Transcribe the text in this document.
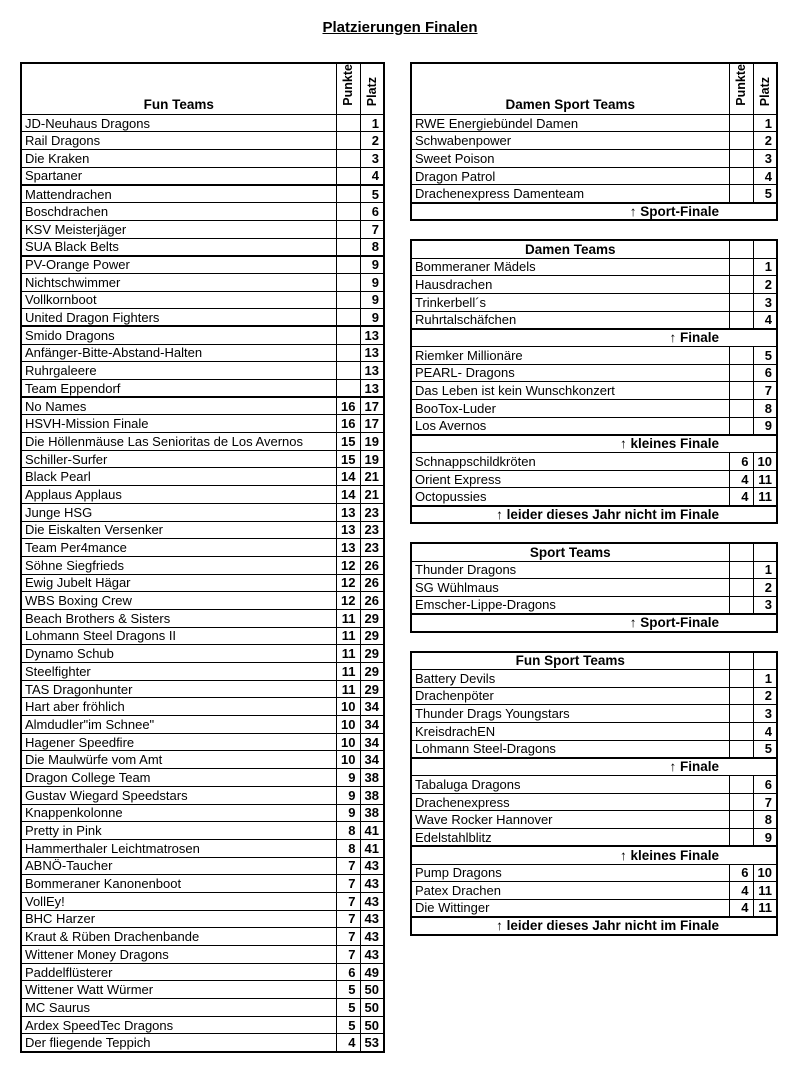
Platzierungen Finalen
Fun Teams	Punkte	Platz
JD-Neuhaus Dragons		1
Rail Dragons		2
Die Kraken		3
Spartaner		4
Mattendrachen		5
Boschdrachen		6
KSV Meisterjäger		7
SUA Black Belts		8
PV-Orange Power		9
Nichtschwimmer		9
Vollkornboot		9
United Dragon Fighters		9
Smido Dragons		13
Anfänger-Bitte-Abstand-Halten		13
Ruhrgaleere		13
Team Eppendorf		13
No Names	16	17
HSVH-Mission Finale	16	17
Die Höllenmäuse Las Senioritas de Los Avernos	15	19
Schiller-Surfer	15	19
Black Pearl	14	21
Applaus Applaus	14	21
Junge HSG	13	23
Die Eiskalten Versenker	13	23
Team Per4mance	13	23
Söhne Siegfrieds	12	26
Ewig Jubelt Hägar	12	26
WBS Boxing Crew	12	26
Beach Brothers & Sisters	11	29
Lohmann Steel Dragons II	11	29
Dynamo Schub	11	29
Steelfighter	11	29
TAS Dragonhunter	11	29
Hart aber fröhlich	10	34
Almdudler"im Schnee"	10	34
Hagener Speedfire	10	34
Die Maulwürfe vom Amt	10	34
Dragon College Team	9	38
Gustav Wiegard Speedstars	9	38
Knappenkolonne	9	38
Pretty in Pink	8	41
Hammerthaler Leichtmatrosen	8	41
ABNÖ-Taucher	7	43
Bommeraner Kanonenboot	7	43
VollEy!	7	43
BHC Harzer	7	43
Kraut & Rüben Drachenbande	7	43
Wittener Money Dragons	7	43
Paddelflüsterer	6	49
Wittener Watt Würmer	5	50
MC Saurus	5	50
Ardex SpeedTec Dragons	5	50
Der fliegende Teppich	4	53
Damen Sport Teams	Punkte	Platz
RWE Energiebündel Damen		1
Schwabenpower		2
Sweet Poison		3
Dragon Patrol		4
Drachenexpress Damenteam		5
↑ Sport-Finale		
Damen Teams		
Bommeraner Mädels		1
Hausdrachen		2
Trinkerbell´s		3
Ruhrtalschäfchen		4
↑ Finale		
Riemker Millionäre		5
PEARL- Dragons		6
Das Leben ist kein Wunschkonzert		7
BooTox-Luder		8
Los Avernos		9
↑ kleines Finale		
Schnappschildkröten	6	10
Orient Express	4	11
Octopussies	4	11
↑ leider dieses Jahr nicht im Finale		
Sport Teams		
Thunder Dragons		1
SG Wühlmaus		2
Emscher-Lippe-Dragons		3
↑ Sport-Finale		
Fun Sport Teams		
Battery Devils		1
Drachenpöter		2
Thunder Drags Youngstars		3
KreisdrachEN		4
Lohmann Steel-Dragons		5
↑ Finale		
Tabaluga Dragons		6
Drachenexpress		7
Wave Rocker Hannover		8
Edelstahlblitz		9
↑ kleines Finale		
Pump Dragons	6	10
Patex Drachen	4	11
Die Wittinger	4	11
↑ leider dieses Jahr nicht im Finale		
